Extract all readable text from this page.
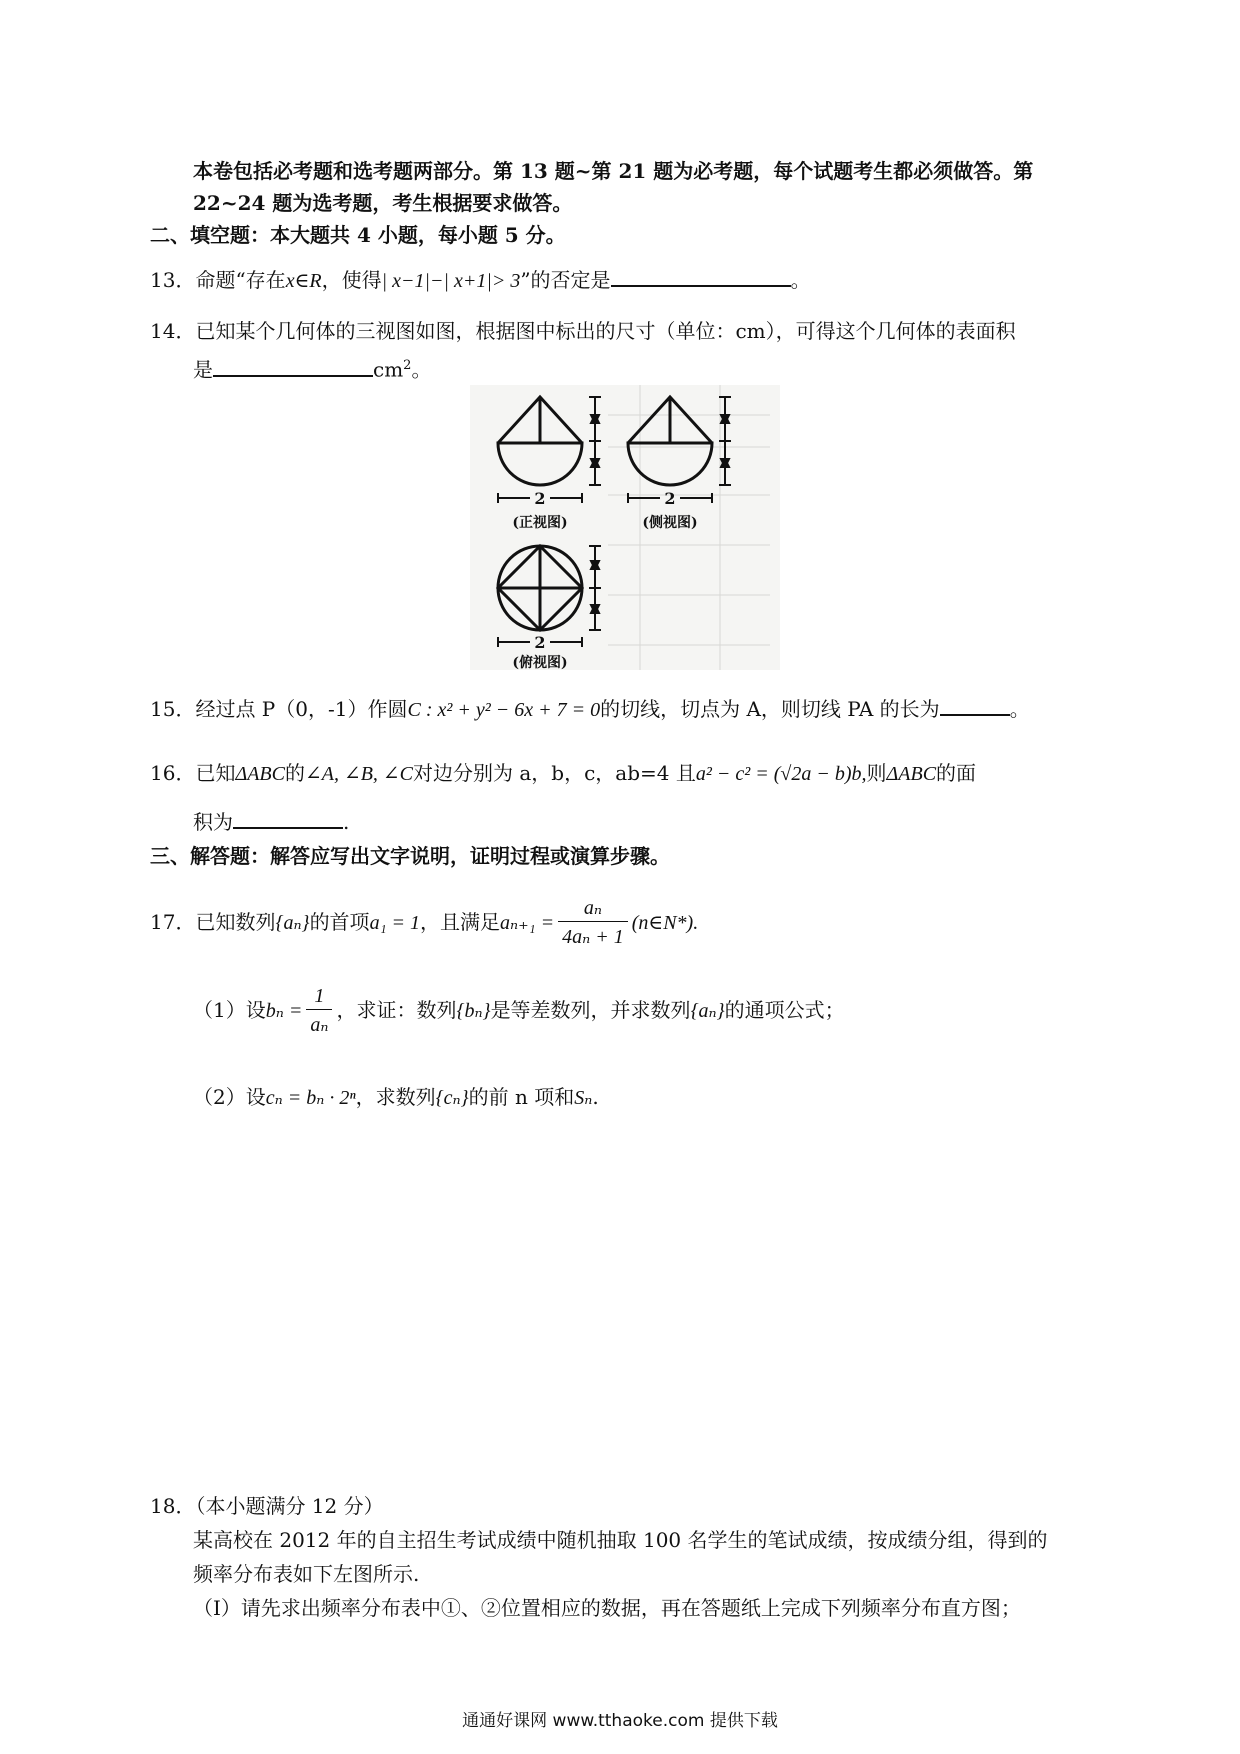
本卷包括必考题和选考题两部分。第 13 题~第 21 题为必考题，每个试题考生都必须做答。第
22~24 题为选考题，考生根据要求做答。
二、填空题：本大题共 4 小题，每小题 5 分。
13．命题“存在x∈R，使得| x−1|−| x+1|> 3”的否定是	。
14．已知某个几何体的三视图如图，根据图中标出的尺寸（单位：cm），可得这个几何体的表面积
是	$cm^2$。
2
(正视图)
2
(侧视图)
2
(俯视图)
15．经过点 P（0，-1）作圆C : x² + y² − 6x + 7 = 0的切线，切点为 A，则切线 PA 的长为	。
16．已知ΔABC的∠A, ∠B, ∠C对边分别为 a，b，c，ab=4 且a² − c² = (√2a − b)b,则ΔABC的面
积为	.
三、解答题：解答应写出文字说明，证明过程或演算步骤。
17．已知数列{aₙ}的首项a₁ = 1，且满足$a_{n+1} = \frac{\text{aₙ}}{\text{4aₙ + 1}}$ (n∈N*).
（1）设$b_n = \frac{1}{\text{aₙ}}$ ，求证：数列{bₙ}是等差数列，并求数列{aₙ}的通项公式；
（2）设cₙ = bₙ · 2ⁿ，求数列{cₙ}的前 n 项和Sₙ.
18．（本小题满分 12 分）
某高校在 2012 年的自主招生考试成绩中随机抽取 100 名学生的笔试成绩，按成绩分组，得到的
频率分布表如下左图所示.
（I）请先求出频率分布表中①、②位置相应的数据，再在答题纸上完成下列频率分布直方图；
通通好课网 www.tthaoke.com 提供下载
